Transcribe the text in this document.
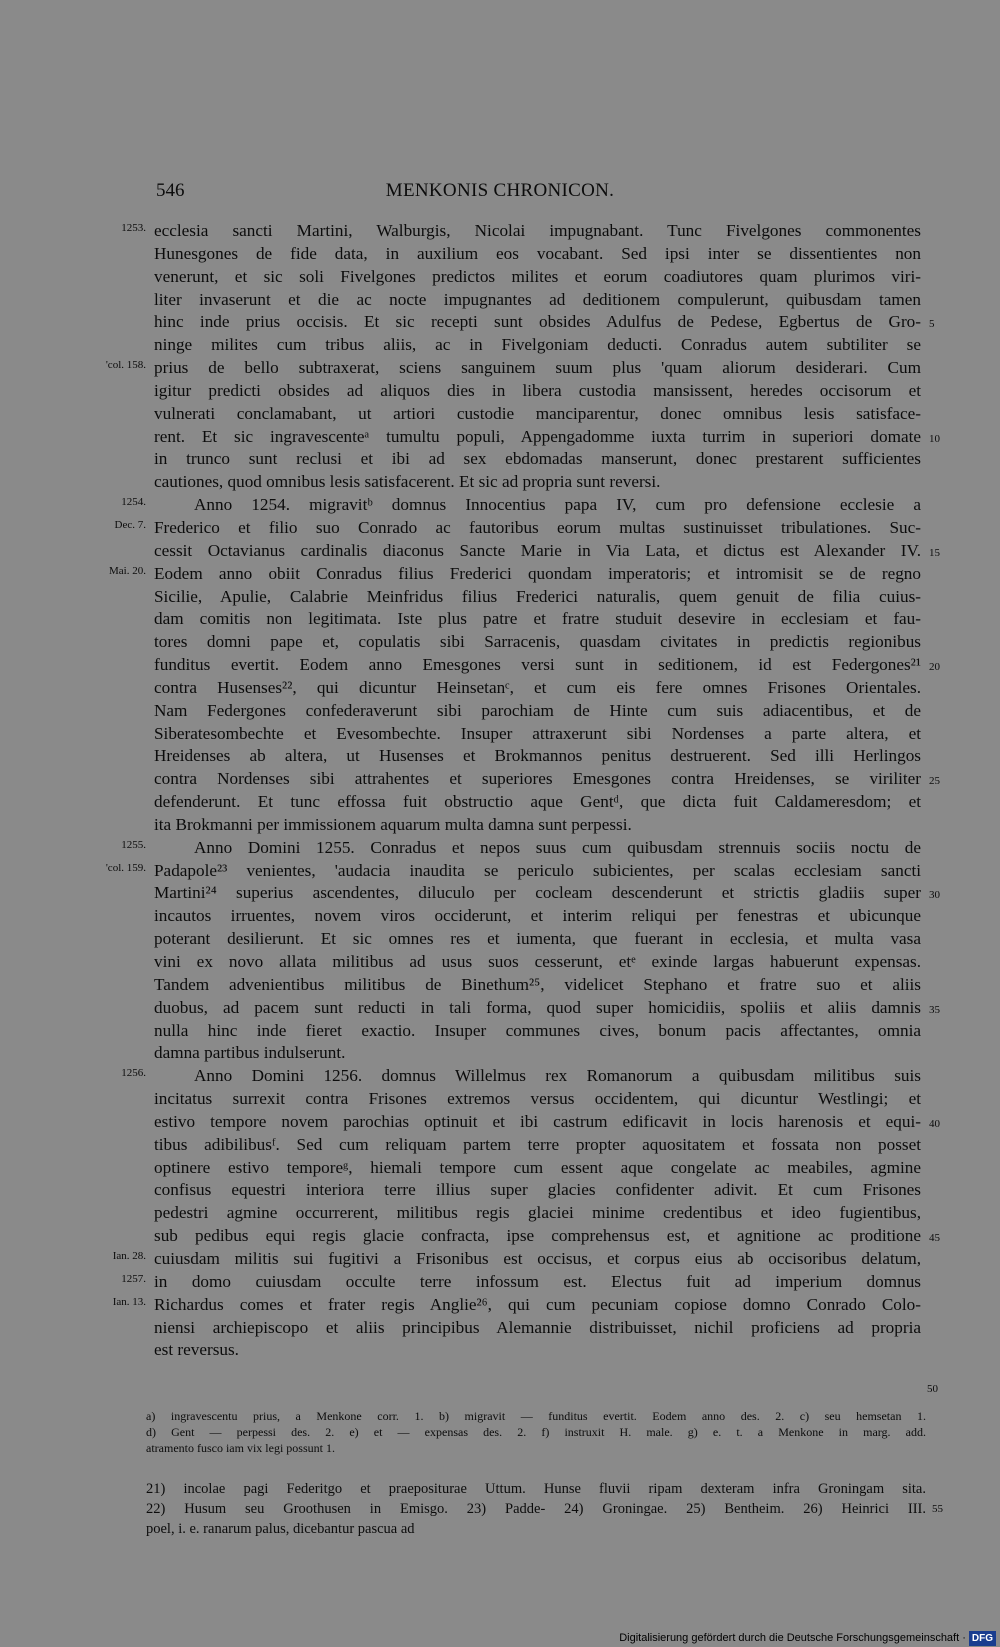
546	MENKONIS CHRONICON.
ecclesia sancti Martini, Walburgis, Nicolai impugnabant. Tunc Fivelgones commonentes
1253.
Hunesgones de fide data, in auxilium eos vocabant. Sed ipsi inter se dissentientes non
venerunt, et sic soli Fivelgones predictos milites et eorum coadiutores quam plurimos viri-
liter invaserunt et die ac nocte impugnantes ad deditionem compulerunt, quibusdam tamen
hinc inde prius occisis. Et sic recepti sunt obsides Adulfus de Pedese, Egbertus de Gro- 5
ninge milites cum tribus aliis, ac in Fivelgoniam deducti. Conradus autem subtiliter se
prius de bello subtraxerat, sciens sanguinem suum plus 'quam aliorum desiderari. Cum
'col. 158.
igitur predicti obsides ad aliquos dies in libera custodia mansissent, heredes occisorum et
vulnerati conclamabant, ut artiori custodie manciparentur, donec omnibus lesis satisface-
rent. Et sic ingravescenteᵃ tumultu populi, Appengadomme iuxta turrim in superiori domate 10
in trunco sunt reclusi et ibi ad sex ebdomadas manserunt, donec prestarent sufficientes
cautiones, quod omnibus lesis satisfacerent. Et sic ad propria sunt reversi.
Anno 1254. migravitᵇ domnus Innocentius papa IV, cum pro defensione ecclesie a
1254.
Frederico et filio suo Conrado ac fautoribus eorum multas sustinuisset tribulationes. Suc-
Dec. 7.
cessit Octavianus cardinalis diaconus Sancte Marie in Via Lata, et dictus est Alexander IV. 15
Eodem anno obiit Conradus filius Frederici quondam imperatoris; et intromisit se de regno
Mai. 20.
Sicilie, Apulie, Calabrie Meinfridus filius Frederici naturalis, quem genuit de filia cuius-
dam comitis non legitimata. Iste plus patre et fratre studuit desevire in ecclesiam et fau-
tores domni pape et, copulatis sibi Sarracenis, quasdam civitates in predictis regionibus
funditus evertit. Eodem anno Emesgones versi sunt in seditionem, id est Federgones²¹ 20
contra Husenses²², qui dicuntur Heinsetanᶜ, et cum eis fere omnes Frisones Orientales.
Nam Federgones confederaverunt sibi parochiam de Hinte cum suis adiacentibus, et de
Siberatesombechte et Evesombechte. Insuper attraxerunt sibi Nordenses a parte altera, et
Hreidenses ab altera, ut Husenses et Brokmannos penitus destruerent. Sed illi Herlingos
contra Nordenses sibi attrahentes et superiores Emesgones contra Hreidenses, se viriliter 25
defenderunt. Et tunc effossa fuit obstructio aque Gentᵈ, que dicta fuit Caldameresdom; et
ita Brokmanni per immissionem aquarum multa damna sunt perpessi.
Anno Domini 1255. Conradus et nepos suus cum quibusdam strennuis sociis noctu de
1255.
Padapole²³ venientes, 'audacia inaudita se periculo subicientes, per scalas ecclesiam sancti
'col. 159.
Martini²⁴ superius ascendentes, diluculo per cocleam descenderunt et strictis gladiis super 30
incautos irruentes, novem viros occiderunt, et interim reliqui per fenestras et ubicunque
poterant desilierunt. Et sic omnes res et iumenta, que fuerant in ecclesia, et multa vasa
vini ex novo allata militibus ad usus suos cesserunt, etᵉ exinde largas habuerunt expensas.
Tandem advenientibus militibus de Binethum²⁵, videlicet Stephano et fratre suo et aliis
duobus, ad pacem sunt reducti in tali forma, quod super homicidiis, spoliis et aliis damnis 35
nulla hinc inde fieret exactio. Insuper communes cives, bonum pacis affectantes, omnia
damna partibus indulserunt.
Anno Domini 1256. domnus Willelmus rex Romanorum a quibusdam militibus suis
1256.
incitatus surrexit contra Frisones extremos versus occidentem, qui dicuntur Westlingi; et
estivo tempore novem parochias optinuit et ibi castrum edificavit in locis harenosis et equi- 40
tibus adibilibusᶠ. Sed cum reliquam partem terre propter aquositatem et fossata non posset
optinere estivo temporeᵍ, hiemali tempore cum essent aque congelate ac meabiles, agmine
confisus equestri interiora terre illius super glacies confidenter adivit. Et cum Frisones
pedestri agmine occurrerent, militibus regis glaciei minime credentibus et ideo fugientibus,
sub pedibus equi regis glacie confracta, ipse comprehensus est, et agnitione ac proditione 45
cuiusdam militis sui fugitivi a Frisonibus est occisus, et corpus eius ab occisoribus delatum,
Ian. 28.
in domo cuiusdam occulte terre infossum est. Electus fuit ad imperium domnus
1257.
Richardus comes et frater regis Anglie²⁶, qui cum pecuniam copiose domno Conrado Colo-
Ian. 13.
niensi archiepiscopo et aliis principibus Alemannie distribuisset, nichil proficiens ad propria
est reversus.
50
a) ingravescentu prius, a Menkone corr. 1. b) migravit — funditus evertit. Eodem anno des. 2. c) seu hemsetan 1.
d) Gent — perpessi des. 2. e) et — expensas des. 2. f) instruxit H. male. g) e. t. a Menkone in marg. add.
atramento fusco iam vix legi possunt 1.
21) incolae pagi Federitgo et praepositurae Uttum. Hunse fluvii ripam dexteram infra Groningam sita.
22) Husum seu Groothusen in Emisgo. 23) Padde- 24) Groningae. 25) Bentheim. 26) Heinrici III. 55
poel, i. e. ranarum palus, dicebantur pascua ad
Digitalisierung gefördert durch die Deutsche Forschungsgemeinschaft · DFG
